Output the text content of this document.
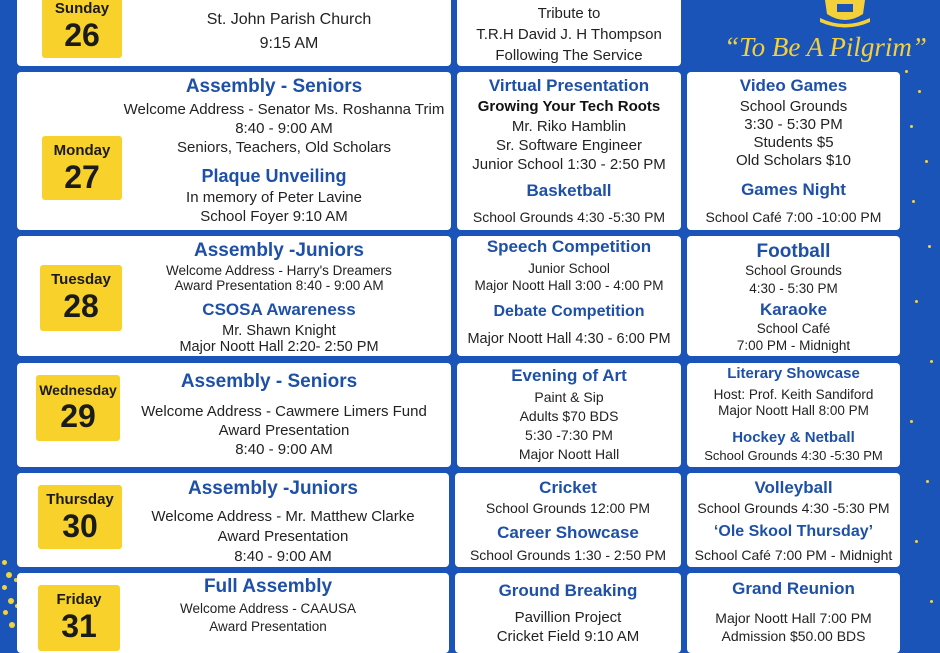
“To Be A Pilgrim”
St. John Parish Church
9:15 AM
Sunday
26
Tribute to
T.R.H David J. H Thompson
Following The Service
Assembly - Seniors
Welcome Address - Senator Ms. Roshanna Trim
8:40 - 9:00 AM
Seniors, Teachers, Old Scholars
Plaque Unveiling
In memory of Peter Lavine
School Foyer 9:10 AM
Monday
27
Virtual Presentation
Growing Your Tech Roots
Mr. Riko Hamblin
Sr. Software Engineer
Junior School 1:30 - 2:50 PM
Basketball
School Grounds 4:30 -5:30 PM
Video Games
School Grounds
3:30 - 5:30 PM
Students $5
Old Scholars $10
Games Night
School Café 7:00 -10:00 PM
Assembly -Juniors
Welcome Address - Harry's Dreamers
Award Presentation 8:40 - 9:00 AM
CSOSA Awareness
Mr. Shawn Knight
Major Noott Hall 2:20- 2:50 PM
Tuesday
28
Speech Competition
Junior School
Major Noott Hall 3:00 - 4:00 PM
Debate Competition
Major Noott Hall 4:30 - 6:00 PM
Football
School Grounds
4:30 - 5:30 PM
Karaoke
School Café
7:00 PM - Midnight
Assembly - Seniors
Welcome Address - Cawmere Limers Fund
Award Presentation
8:40 - 9:00 AM
Wednesday
29
Evening of Art
Paint & Sip
Adults $70 BDS
5:30 -7:30 PM
Major Noott Hall
Literary Showcase
Host: Prof. Keith Sandiford
Major Noott Hall 8:00 PM
Hockey & Netball
School Grounds 4:30 -5:30 PM
Assembly -Juniors
Welcome Address - Mr. Matthew Clarke
Award Presentation
8:40 - 9:00 AM
Thursday
30
Cricket
School Grounds 12:00 PM
Career Showcase
School Grounds 1:30 - 2:50 PM
Volleyball
School Grounds 4:30 -5:30 PM
‘Ole Skool Thursday’
School Café 7:00 PM - Midnight
Full Assembly
Welcome Address - CAAUSA
Award Presentation
Friday
31
Ground Breaking
Pavillion Project
Cricket Field 9:10 AM
Grand Reunion
Major Noott Hall 7:00 PM
Admission $50.00 BDS
